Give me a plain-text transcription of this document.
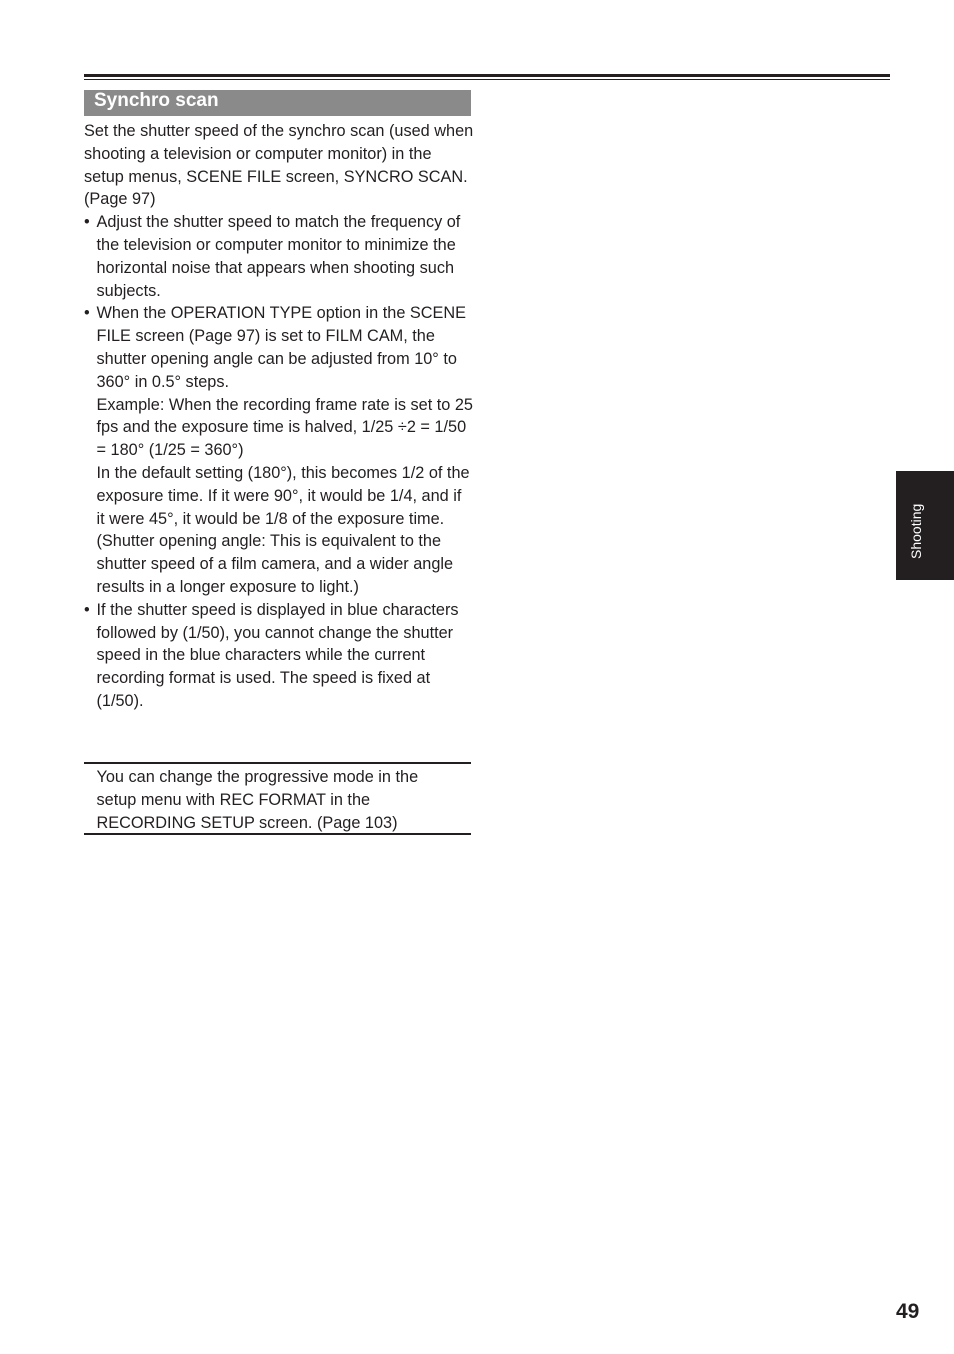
Synchro scan

Set the shutter speed of the synchro scan (used when shooting a television or computer monitor) in the setup menus, SCENE FILE screen, SYNCRO SCAN. (Page 97)

• Adjust the shutter speed to match the frequency of the television or computer monitor to minimize the horizontal noise that appears when shooting such subjects.

• When the OPERATION TYPE option in the SCENE FILE screen (Page 97) is set to FILM CAM, the shutter opening angle can be adjusted from 10° to 360° in 0.5° steps.

Example: When the recording frame rate is set to 25 fps and the exposure time is halved, 1/25 ÷2 = 1/50 = 180° (1/25 = 360°)

In the default setting (180°), this becomes 1/2 of the exposure time. If it were 90°, it would be 1/4, and if it were 45°, it would be 1/8 of the exposure time.

(Shutter opening angle: This is equivalent to the shutter speed of a film camera, and a wider angle results in a longer exposure to light.)

• If the shutter speed is displayed in blue characters followed by (1/50), you cannot change the shutter speed in the blue characters while the current recording format is used. The speed is fixed at (1/50).

You can change the progressive mode in the setup menu with REC FORMAT in the RECORDING SETUP screen. (Page 103)

Shooting
49
